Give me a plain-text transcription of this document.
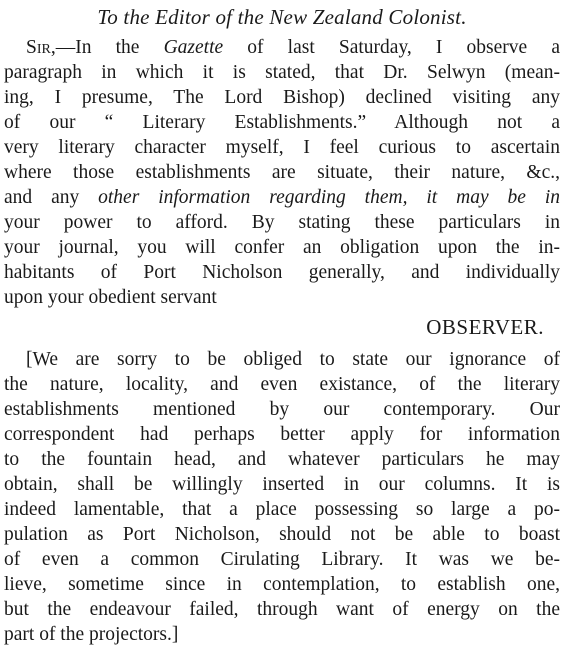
To the Editor of the New Zealand Colonist.
Sir,—In the Gazette of last Saturday, I observe a
paragraph in which it is stated, that Dr. Selwyn (mean-
ing, I presume, The Lord Bishop) declined visiting any
of our “ Literary Establishments.” Although not a
very literary character myself, I feel curious to ascertain
where those establishments are situate, their nature, &c.,
and any other information regarding them, it may be in
your power to afford. By stating these particulars in
your journal, you will confer an obligation upon the in-
habitants of Port Nicholson generally, and individually
upon your obedient servant
OBSERVER.
[We are sorry to be obliged to state our ignorance of
the nature, locality, and even existance, of the literary
establishments mentioned by our contemporary. Our
correspondent had perhaps better apply for information
to the fountain head, and whatever particulars he may
obtain, shall be willingly inserted in our columns. It is
indeed lamentable, that a place possessing so large a po-
pulation as Port Nicholson, should not be able to boast
of even a common Cirulating Library. It was we be-
lieve, sometime since in contemplation, to establish one,
but the endeavour failed, through want of energy on the
part of the projectors.]
